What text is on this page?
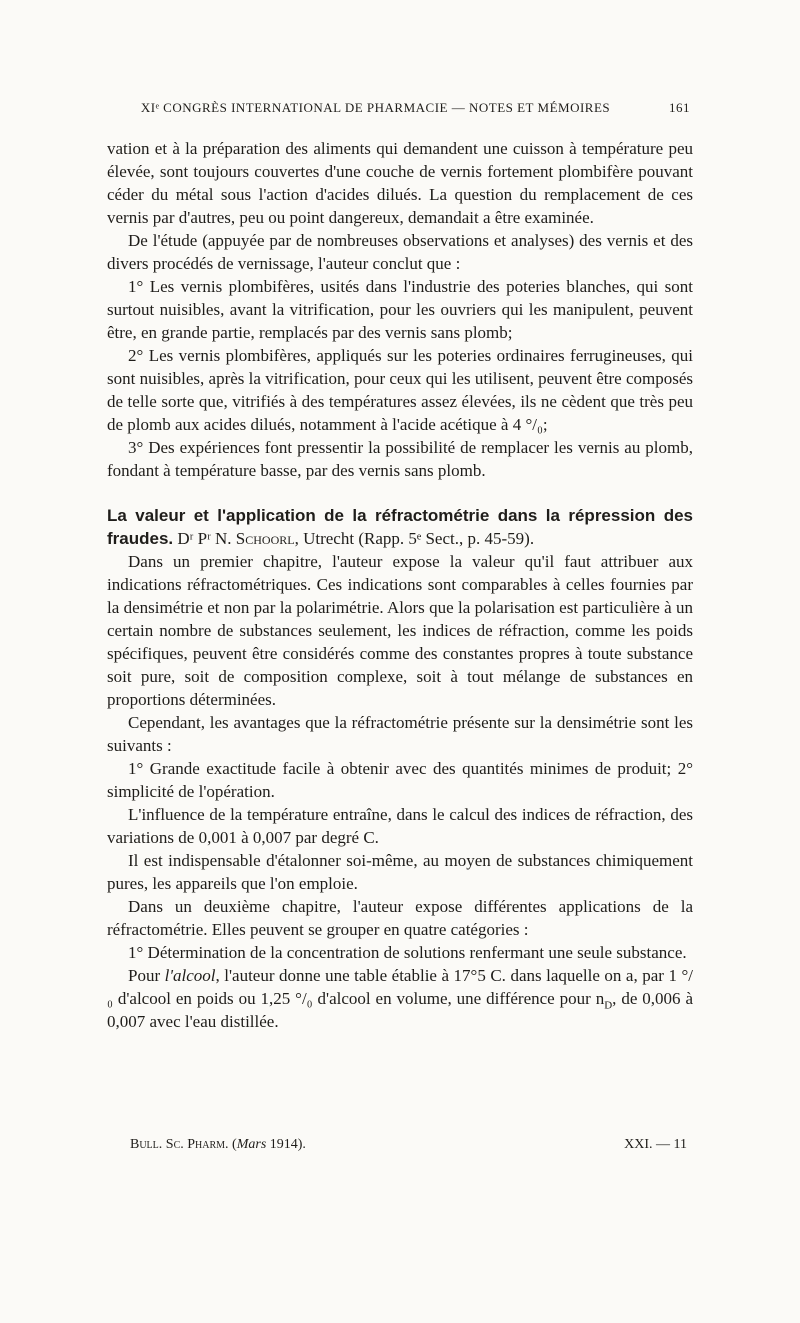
XIᵉ CONGRÈS INTERNATIONAL DE PHARMACIE — NOTES ET MÉMOIRES	161

vation et à la préparation des aliments qui demandent une cuisson à température peu élevée, sont toujours couvertes d'une couche de vernis fortement plombifère pouvant céder du métal sous l'action d'acides dilués. La question du remplacement de ces vernis par d'autres, peu ou point dangereux, demandait a être examinée.

De l'étude (appuyée par de nombreuses observations et analyses) des vernis et des divers procédés de vernissage, l'auteur conclut que :

1° Les vernis plombifères, usités dans l'industrie des poteries blanches, qui sont surtout nuisibles, avant la vitrification, pour les ouvriers qui les manipulent, peuvent être, en grande partie, remplacés par des vernis sans plomb;

2° Les vernis plombifères, appliqués sur les poteries ordinaires ferrugineuses, qui sont nuisibles, après la vitrification, pour ceux qui les utilisent, peuvent être composés de telle sorte que, vitrifiés à des températures assez élevées, ils ne cèdent que très peu de plomb aux acides dilués, notamment à l'acide acétique à 4 °/₀;

3° Des expériences font pressentir la possibilité de remplacer les vernis au plomb, fondant à température basse, par des vernis sans plomb.

La valeur et l'application de la réfractométrie dans la répression des fraudes. Dʳ Pʳ N. Schoorl, Utrecht (Rapp. 5ᵉ Sect., p. 45-59).

Dans un premier chapitre, l'auteur expose la valeur qu'il faut attribuer aux indications réfractométriques. Ces indications sont comparables à celles fournies par la densimétrie et non par la polarimétrie. Alors que la polarisation est particulière à un certain nombre de substances seulement, les indices de réfraction, comme les poids spécifiques, peuvent être considérés comme des constantes propres à toute substance soit pure, soit de composition complexe, soit à tout mélange de substances en proportions déterminées.

Cependant, les avantages que la réfractométrie présente sur la densimétrie sont les suivants :

1° Grande exactitude facile à obtenir avec des quantités minimes de produit; 2° simplicité de l'opération.

L'influence de la température entraîne, dans le calcul des indices de réfraction, des variations de 0,001 à 0,007 par degré C.

Il est indispensable d'étalonner soi-même, au moyen de substances chimiquement pures, les appareils que l'on emploie.

Dans un deuxième chapitre, l'auteur expose différentes applications de la réfractométrie. Elles peuvent se grouper en quatre catégories :

1° Détermination de la concentration de solutions renfermant une seule substance.

Pour l'alcool, l'auteur donne une table établie à 17°5 C. dans laquelle on a, par 1 °/₀ d'alcool en poids ou 1,25 °/₀ d'alcool en volume, une différence pour $n_D$, de 0,006 à 0,007 avec l'eau distillée.

Bull. Sc. Pharm. (Mars 1914).	XXI. — 11
